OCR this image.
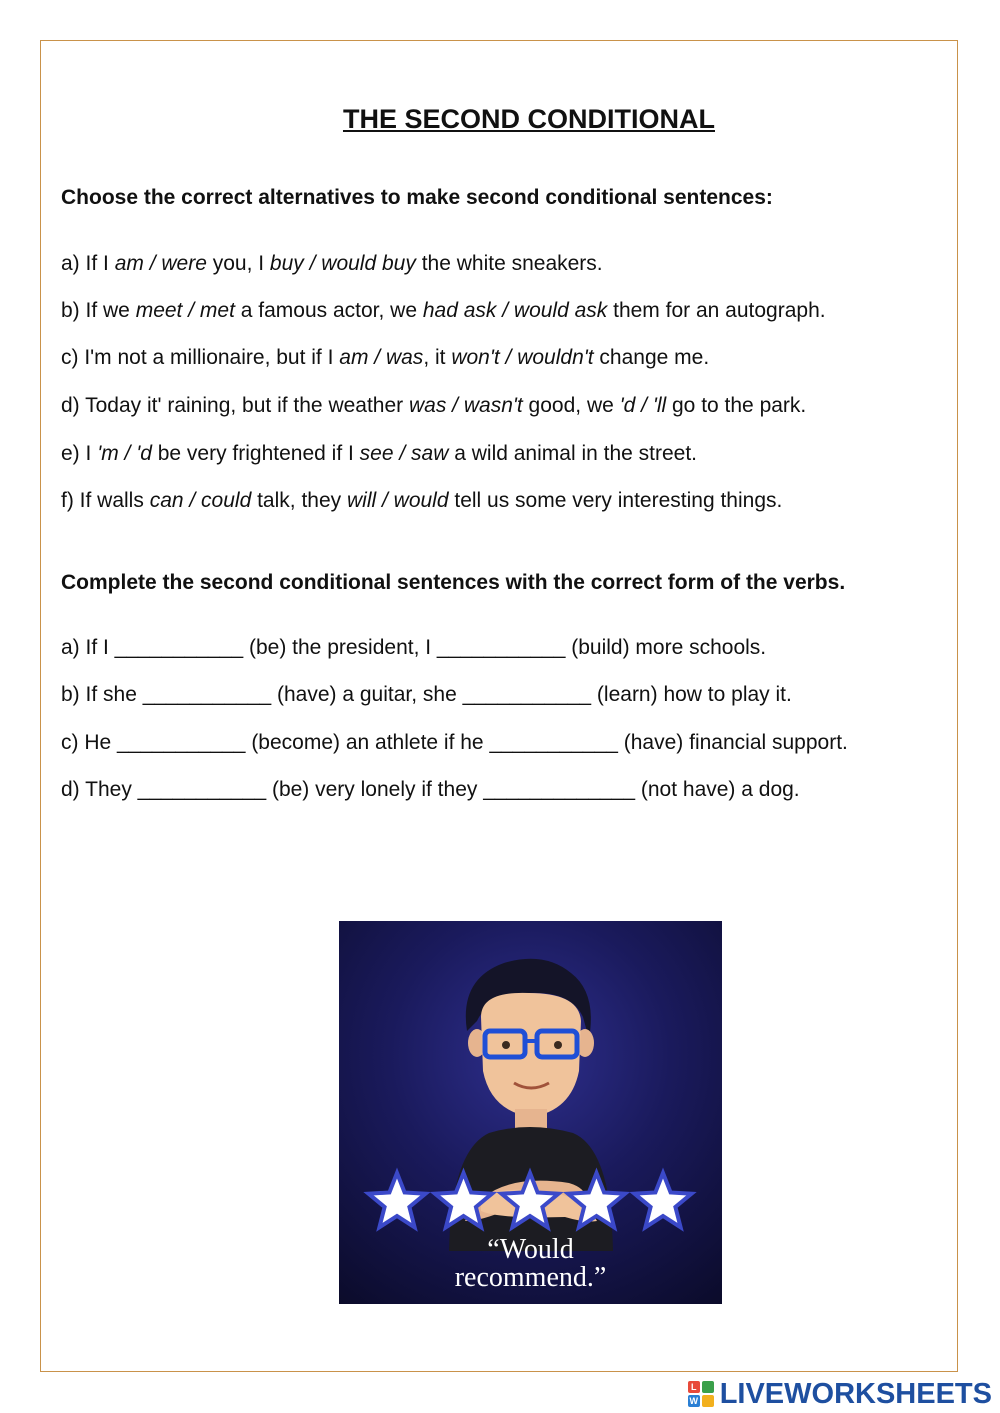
THE SECOND CONDITIONAL

Choose the correct alternatives to make second conditional sentences:

a) If I am / were you, I buy / would buy the white sneakers.

b) If we meet / met a famous actor, we had ask / would ask them for an autograph.

c) I'm not a millionaire, but if I am / was, it won't / wouldn't change me.

d) Today it' raining, but if the weather was / wasn't good, we 'd / 'll go to the park.

e) I 'm / 'd be very frightened if I see / saw a wild animal in the street.

f) If walls can / could talk, they will / would tell us some very interesting things.

Complete the second conditional sentences with the correct form of the verbs.

a) If I ___________ (be) the president, I ___________ (build) more schools.

b) If she ___________ (have) a guitar, she ___________ (learn) how to play it.

c) He ___________ (become) an athlete if he ___________ (have) financial support.

d) They ___________ (be) very lonely if they _____________ (not have) a dog.

“Would
recommend.”

L
W LIVEWORKSHEETS
